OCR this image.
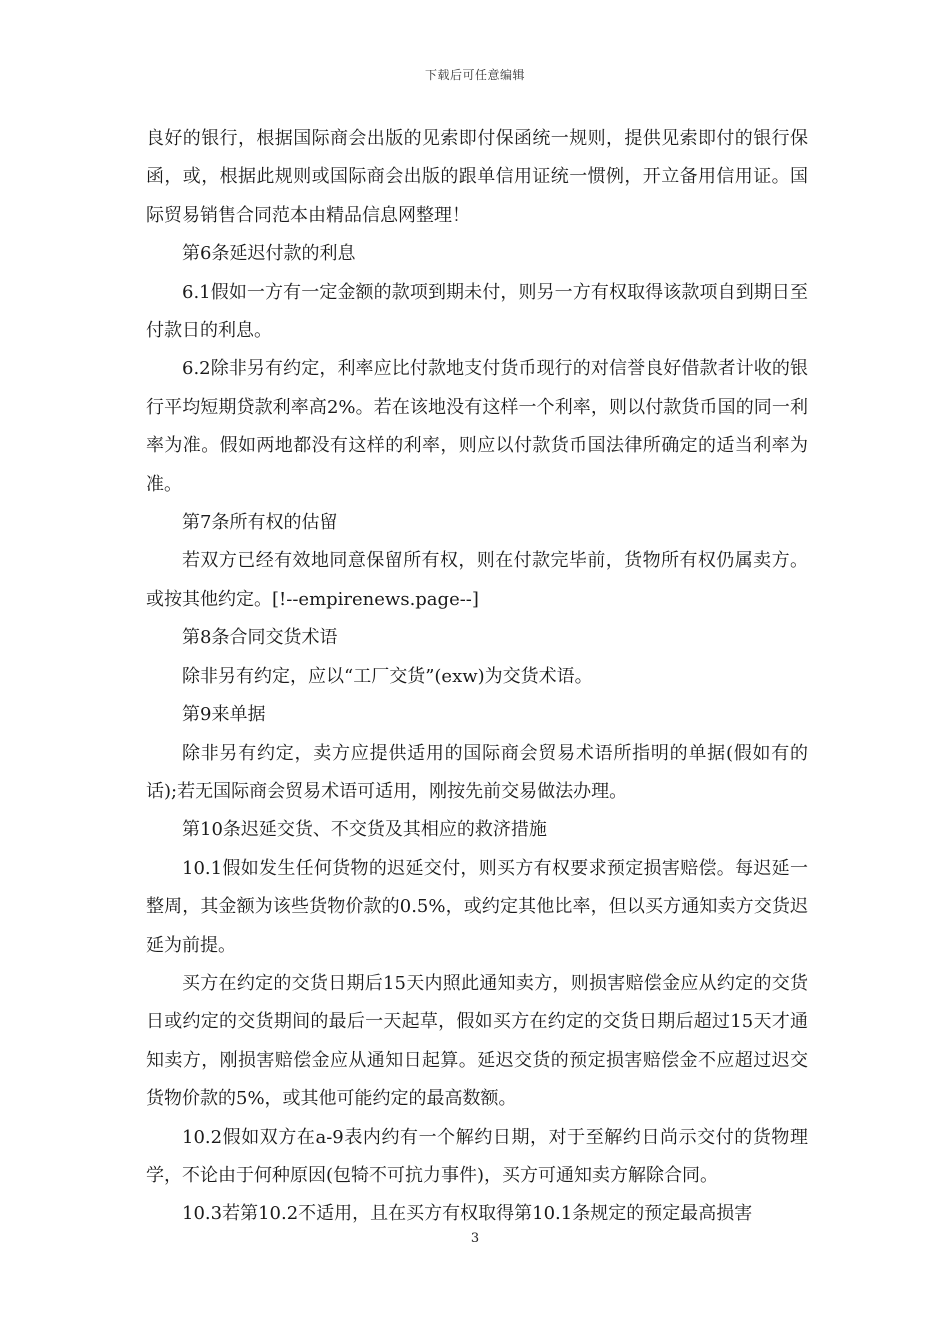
下载后可任意编辑

良好的银行，根据国际商会出版的见索即付保函统一规则，提供见索即付的银行保函，或，根据此规则或国际商会出版的跟单信用证统一惯例，开立备用信用证。国际贸易销售合同范本由精品信息网整理！

第6条延迟付款的利息

6.1假如一方有一定金额的款项到期未付，则另一方有权取得该款项自到期日至付款日的利息。

6.2除非另有约定，利率应比付款地支付货币现行的对信誉良好借款者计收的银行平均短期贷款利率高2%。若在该地没有这样一个利率，则以付款货币国的同一利率为准。假如两地都没有这样的利率，则应以付款货币国法律所确定的适当利率为准。

第7条所有权的估留

若双方已经有效地同意保留所有权，则在付款完毕前，货物所有权仍属卖方。或按其他约定。[!--empirenews.page--]

第8条合同交货术语

除非另有约定，应以“工厂交货”(exw)为交货术语。

第9来单据

除非另有约定，卖方应提供适用的国际商会贸易术语所指明的单据(假如有的话);若无国际商会贸易术语可适用，刚按先前交易做法办理。

第10条迟延交货、不交货及其相应的救济措施

10.1假如发生任何货物的迟延交付，则买方有权要求预定损害赔偿。每迟延一整周，其金额为该些货物价款的0.5%，或约定其他比率，但以买方通知卖方交货迟延为前提。

买方在约定的交货日期后15天内照此通知卖方，则损害赔偿金应从约定的交货日或约定的交货期间的最后一天起草，假如买方在约定的交货日期后超过15天才通知卖方，刚损害赔偿金应从通知日起算。延迟交货的预定损害赔偿金不应超过迟交货物价款的5%，或其他可能约定的最高数额。

10.2假如双方在a-9表内约有一个解约日期，对于至解约日尚示交付的货物理学，不论由于何种原因(包犄不可抗力事件)，买方可通知卖方解除合同。

10.3若第10.2不适用，且在买方有权取得第10.1条规定的预定最高损害

3
